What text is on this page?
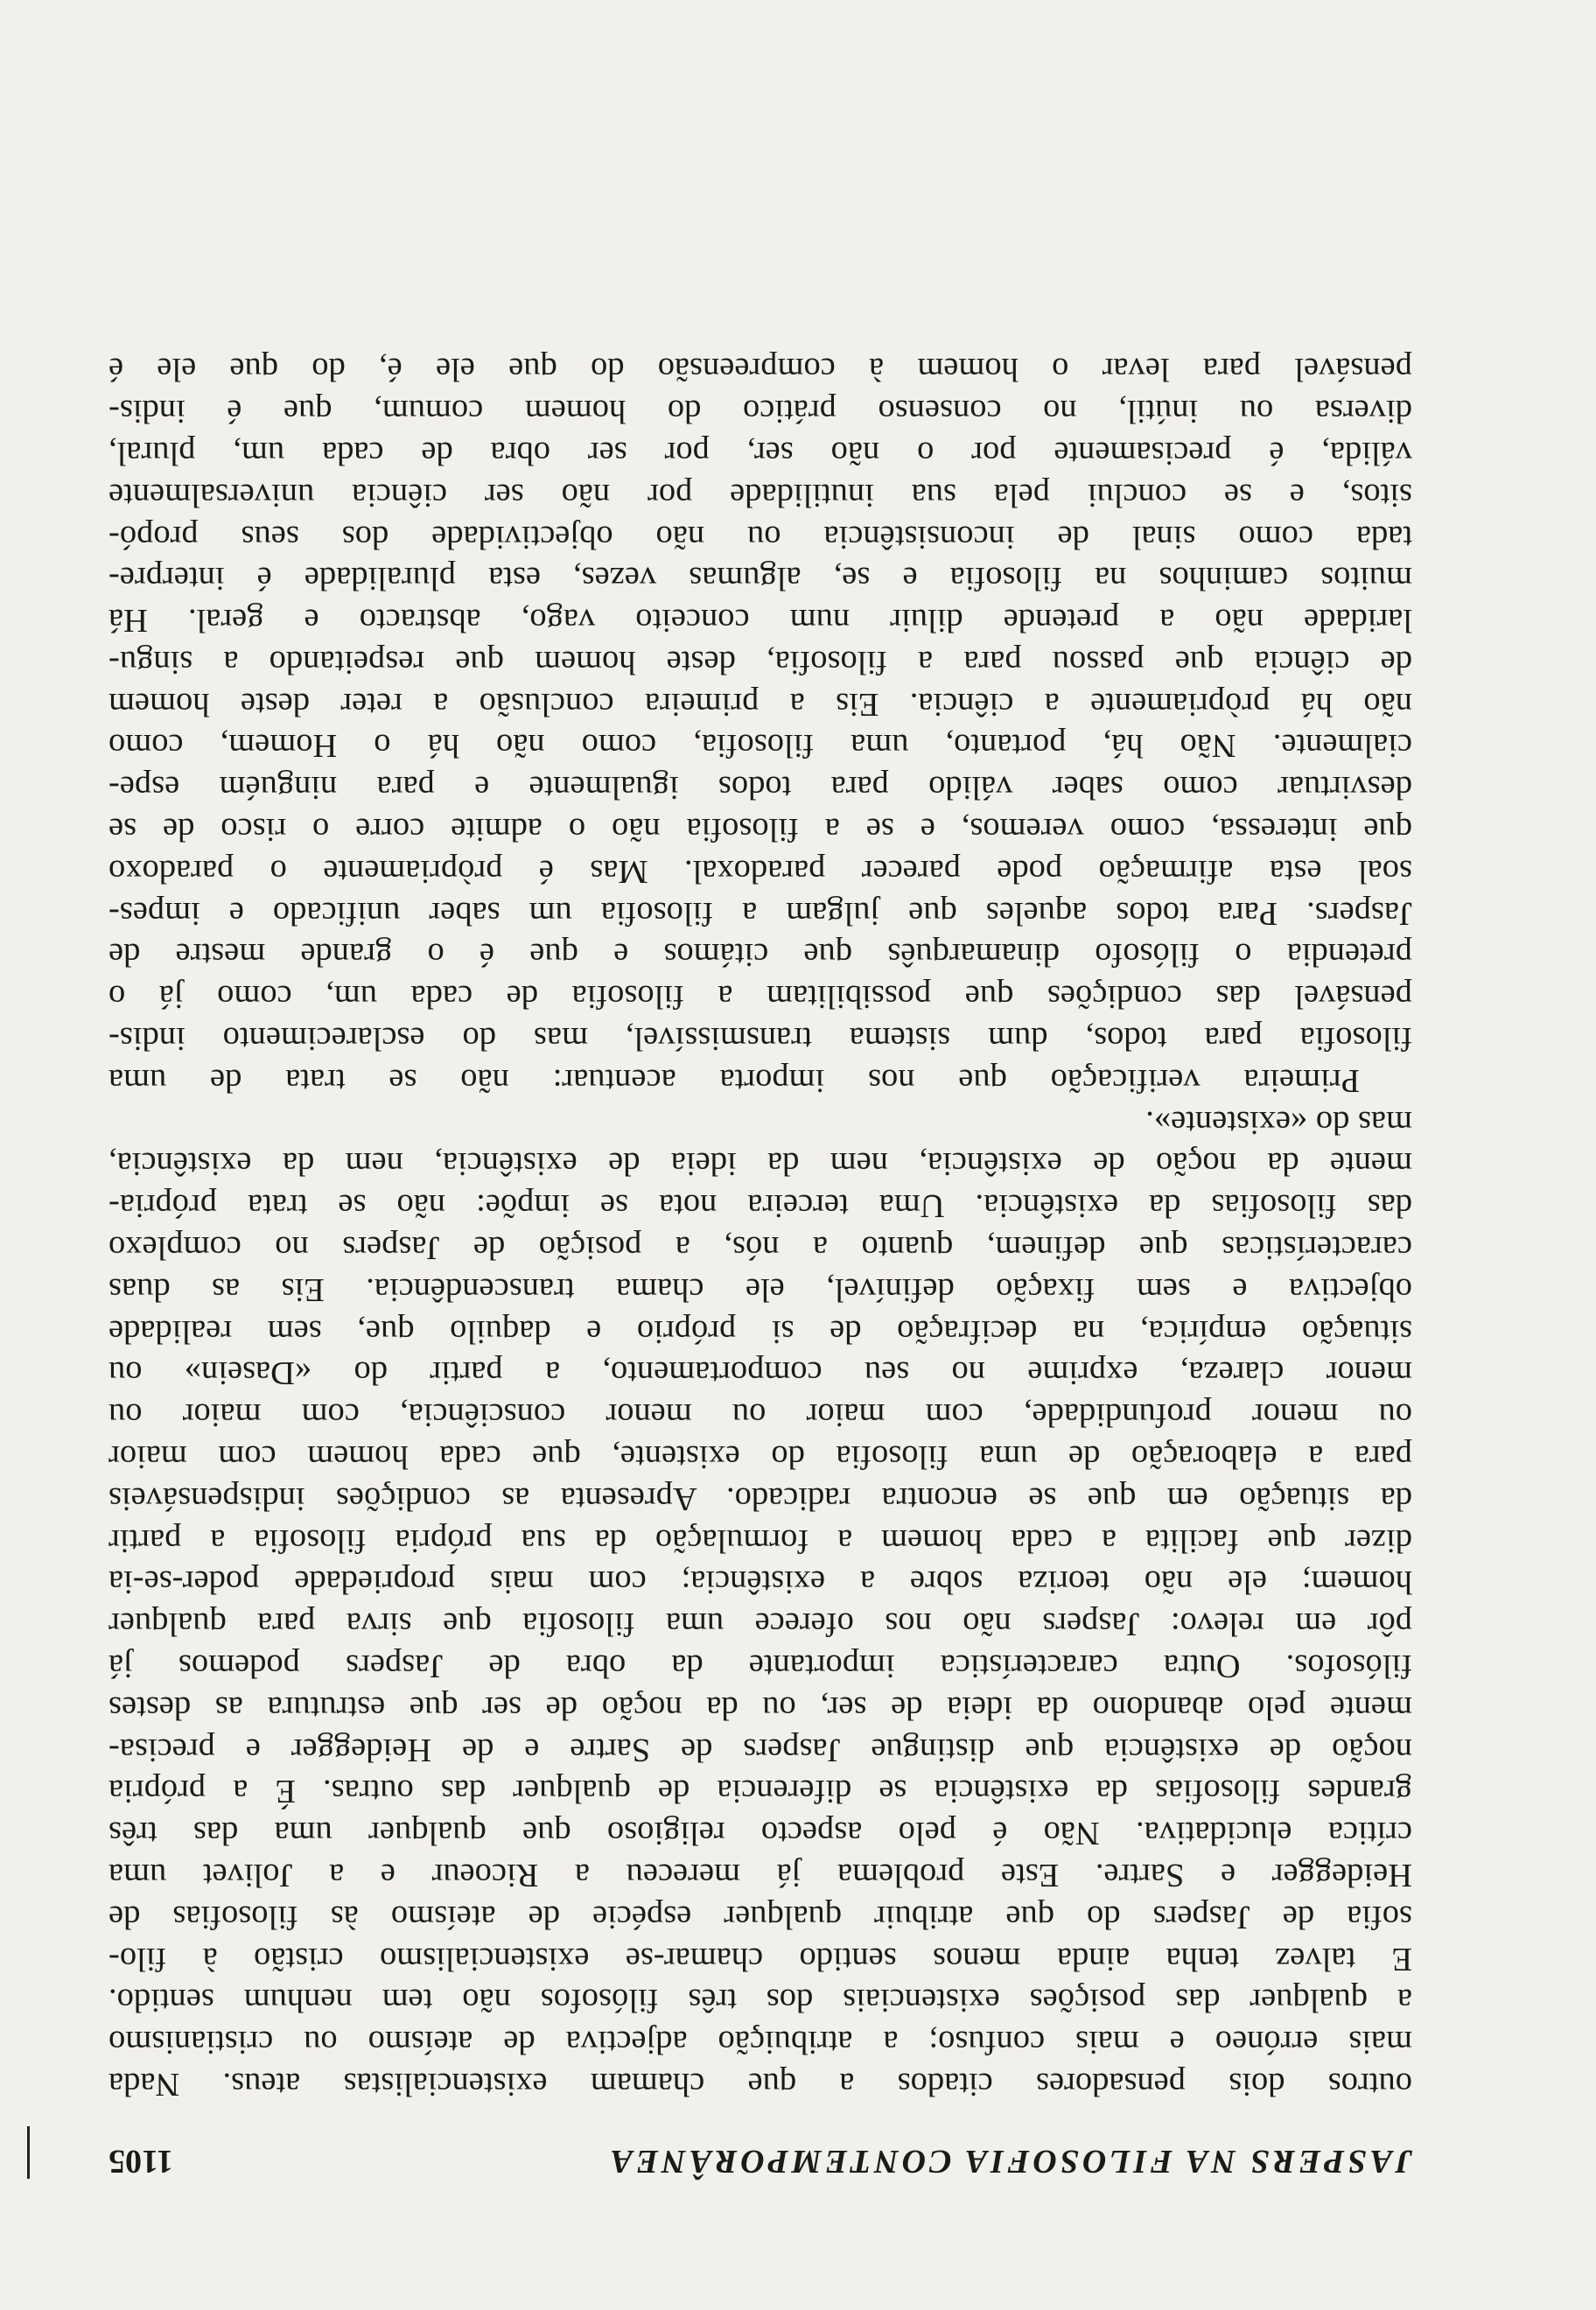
JASPERS NA FILOSOFIA CONTEMPORÂNEA
1105
outros dois pensadores citados a que chamam existencialistas ateus. Nada
mais erróneo e mais confuso; a atribuição adjectiva de ateísmo ou cristianismo
a qualquer das posições existenciais dos três filósofos não tem nenhum sentido.
E talvez tenha ainda menos sentido chamar-se existencialismo cristão à filo-
sofia de Jaspers do que atribuir qualquer espécie de ateísmo às filosofias de
Heidegger e Sartre. Este problema já mereceu a Ricoeur e a Jolivet uma
crítica elucidativa. Não é pelo aspecto religioso que qualquer uma das três
grandes filosofias da existência se diferencia de qualquer das outras. É a própria
noção de existência que distingue Jaspers de Sartre e de Heidegger e precisa-
mente pelo abandono da ideia de ser, ou da noção de ser que estrutura as destes
filósofos. Outra característica importante da obra de Jaspers podemos já
pôr em relevo: Jaspers não nos oferece uma filosofia que sirva para qualquer
homem; ele não teoriza sobre a existência; com mais propriedade poder-se-ia
dizer que facilita a cada homem a formulação da sua própria filosofia a partir
da situação em que se encontra radicado. Apresenta as condições indispensáveis
para a elaboração de uma filosofia do existente, que cada homem com maior
ou menor profundidade, com maior ou menor consciência, com maior ou
menor clareza, exprime no seu comportamento, a partir do «Dasein» ou
situação empírica, na decifração de si próprio e daquilo que, sem realidade
objectiva e sem fixação definível, ele chama transcendência. Eis as duas
características que definem, quanto a nós, a posição de Jaspers no complexo
das filosofias da existência. Uma terceira nota se impõe: não se trata própria-
mente da noção de existência, nem da ideia de existência, nem da existência,
mas do «existente».
Primeira verificação que nos importa acentuar: não se trata de uma
filosofia para todos, dum sistema transmissível, mas do esclarecimento indis-
pensável das condições que possibilitam a filosofia de cada um, como já o
pretendia o filósofo dinamarquês que citámos e que é o grande mestre de
Jaspers. Para todos aqueles que julgam a filosofia um saber unificado e impes-
soal esta afirmação pode parecer paradoxal. Mas é pròpriamente o paradoxo
que interessa, como veremos, e se a filosofia não o admite corre o risco de se
desvirtuar como saber válido para todos igualmente e para ninguém espe-
cialmente. Não há, portanto, uma filosofia, como não há o Homem, como
não há pròpriamente a ciência. Eis a primeira conclusão a reter deste homem
de ciência que passou para a filosofia, deste homem que respeitando a singu-
laridade não a pretende diluir num conceito vago, abstracto e geral. Há
muitos caminhos na filosofia e se, algumas vezes, esta pluralidade é interpre-
tada como sinal de inconsistência ou não objectividade dos seus propó-
sitos, e se conclui pela sua inutilidade por não ser ciência universalmente
válida, é precisamente por o não ser, por ser obra de cada um, plural,
diversa ou inútil, no consenso prático do homem comum, que é indis-
pensável para levar o homem à compreensão do que ele é, do que ele é
